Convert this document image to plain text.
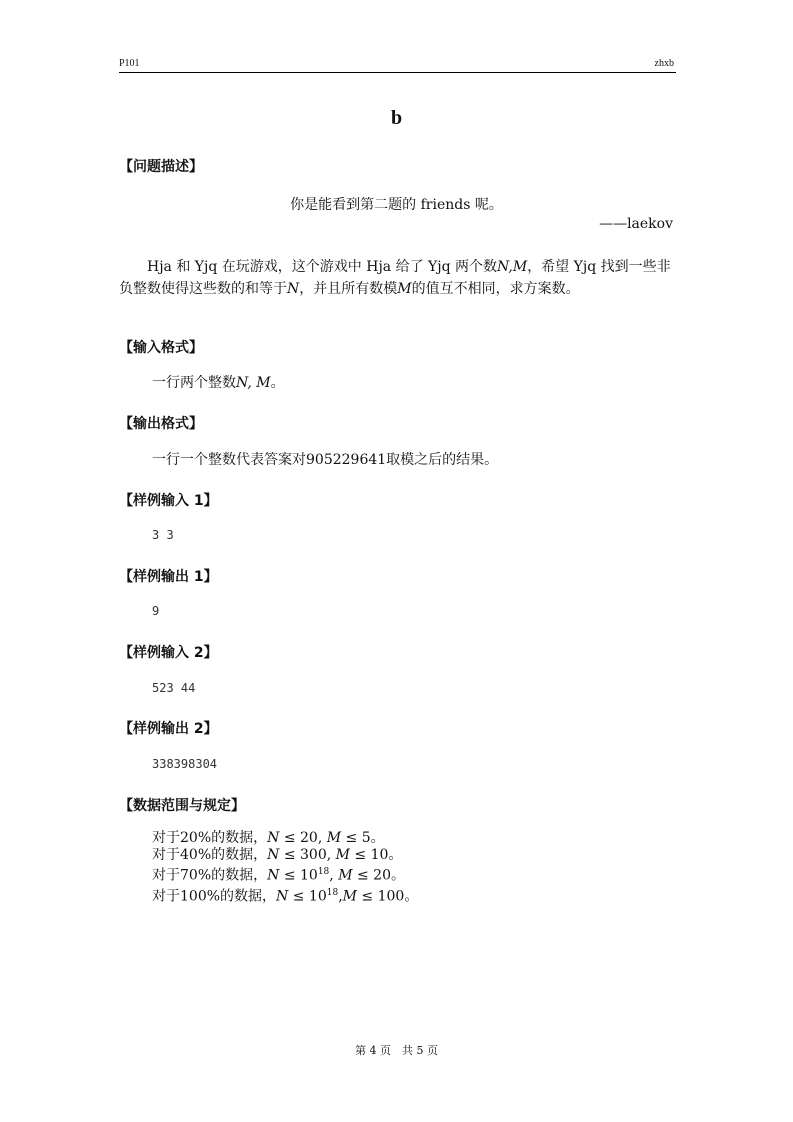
P101	zhxb
b
【问题描述】
你是能看到第二题的 friends 呢。
——laekov
Hja 和 Yjq 在玩游戏，这个游戏中 Hja 给了 Yjq 两个数N,M，希望 Yjq 找到一些非负整数使得这些数的和等于N，并且所有数模M的值互不相同，求方案数。
【输入格式】
一行两个整数N, M。
【输出格式】
一行一个整数代表答案对905229641取模之后的结果。
【样例输入 1】
3 3
【样例输出 1】
9
【样例输入 2】
523 44
【样例输出 2】
338398304
【数据范围与规定】
对于20%的数据，N ≤ 20, M ≤ 5。
对于40%的数据，N ≤ 300, M ≤ 10。
对于70%的数据，$N \le 10^{18}$, M ≤ 20。
对于100%的数据，$N \le 10^{18},M \le 100$。
第 4 页　共 5 页
